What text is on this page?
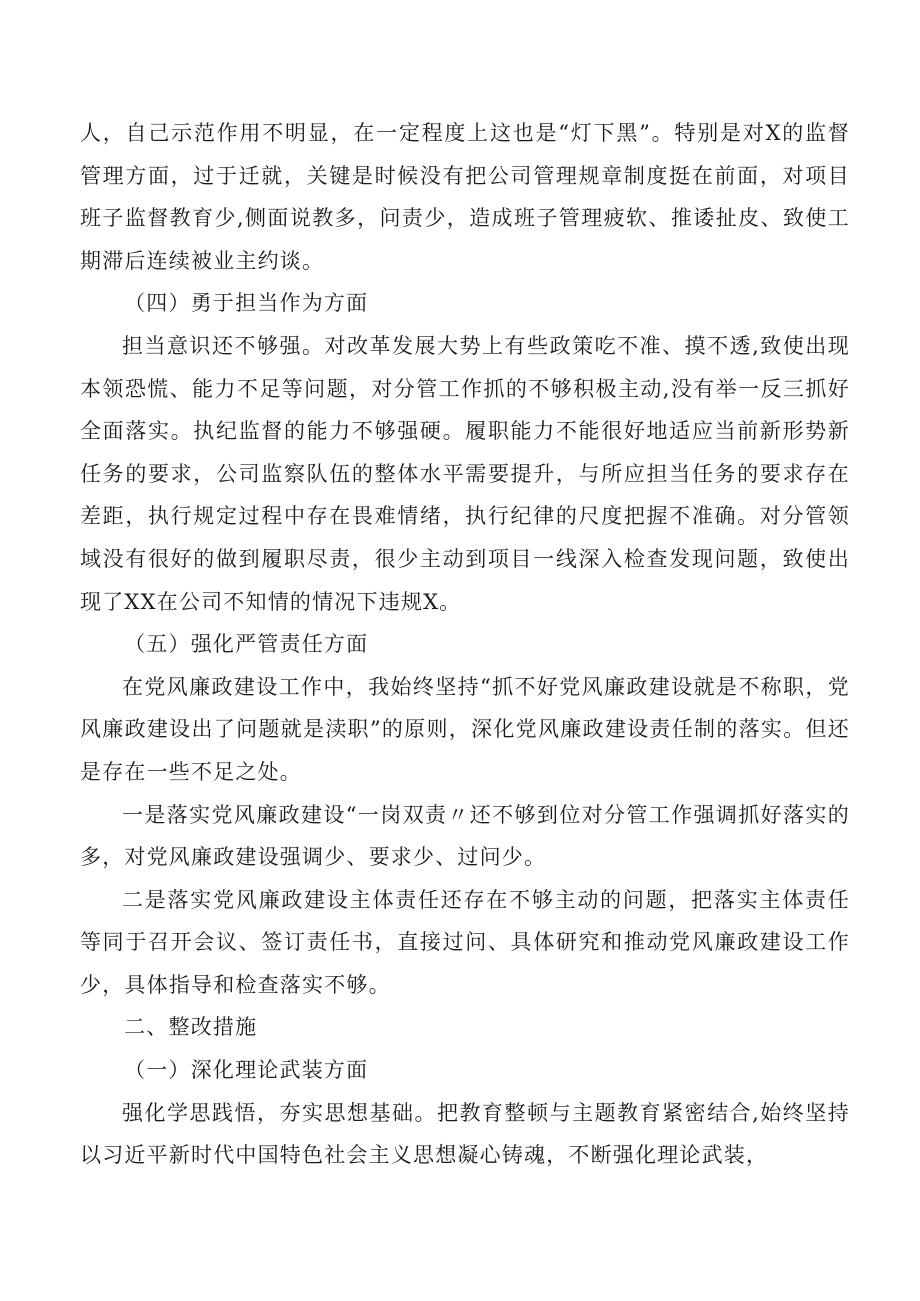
人，自己示范作用不明显，在一定程度上这也是“灯下黑”。特别是对X的监督管理方面，过于迁就，关键是时候没有把公司管理规章制度挺在前面，对项目班子监督教育少,侧面说教多，问责少，造成班子管理疲软、推诿扯皮、致使工期滞后连续被业主约谈。

（四）勇于担当作为方面

担当意识还不够强。对改革发展大势上有些政策吃不准、摸不透,致使出现本领恐慌、能力不足等问题，对分管工作抓的不够积极主动,没有举一反三抓好全面落实。执纪监督的能力不够强硬。履职能力不能很好地适应当前新形势新任务的要求，公司监察队伍的整体水平需要提升，与所应担当任务的要求存在差距，执行规定过程中存在畏难情绪，执行纪律的尺度把握不准确。对分管领域没有很好的做到履职尽责，很少主动到项目一线深入检查发现问题，致使出现了XX在公司不知情的情况下违规X。

（五）强化严管责任方面

在党风廉政建设工作中，我始终坚持“抓不好党风廉政建设就是不称职，党风廉政建设出了问题就是渎职”的原则，深化党风廉政建设责任制的落实。但还是存在一些不足之处。

一是落实党风廉政建设“一岗双责〃还不够到位对分管工作强调抓好落实的多，对党风廉政建设强调少、要求少、过问少。

二是落实党风廉政建设主体责任还存在不够主动的问题，把落实主体责任等同于召开会议、签订责任书，直接过问、具体研究和推动党风廉政建设工作少，具体指导和检查落实不够。

二、整改措施

（一）深化理论武装方面

强化学思践悟，夯实思想基础。把教育整顿与主题教育紧密结合,始终坚持以习近平新时代中国特色社会主义思想凝心铸魂，不断强化理论武装，
